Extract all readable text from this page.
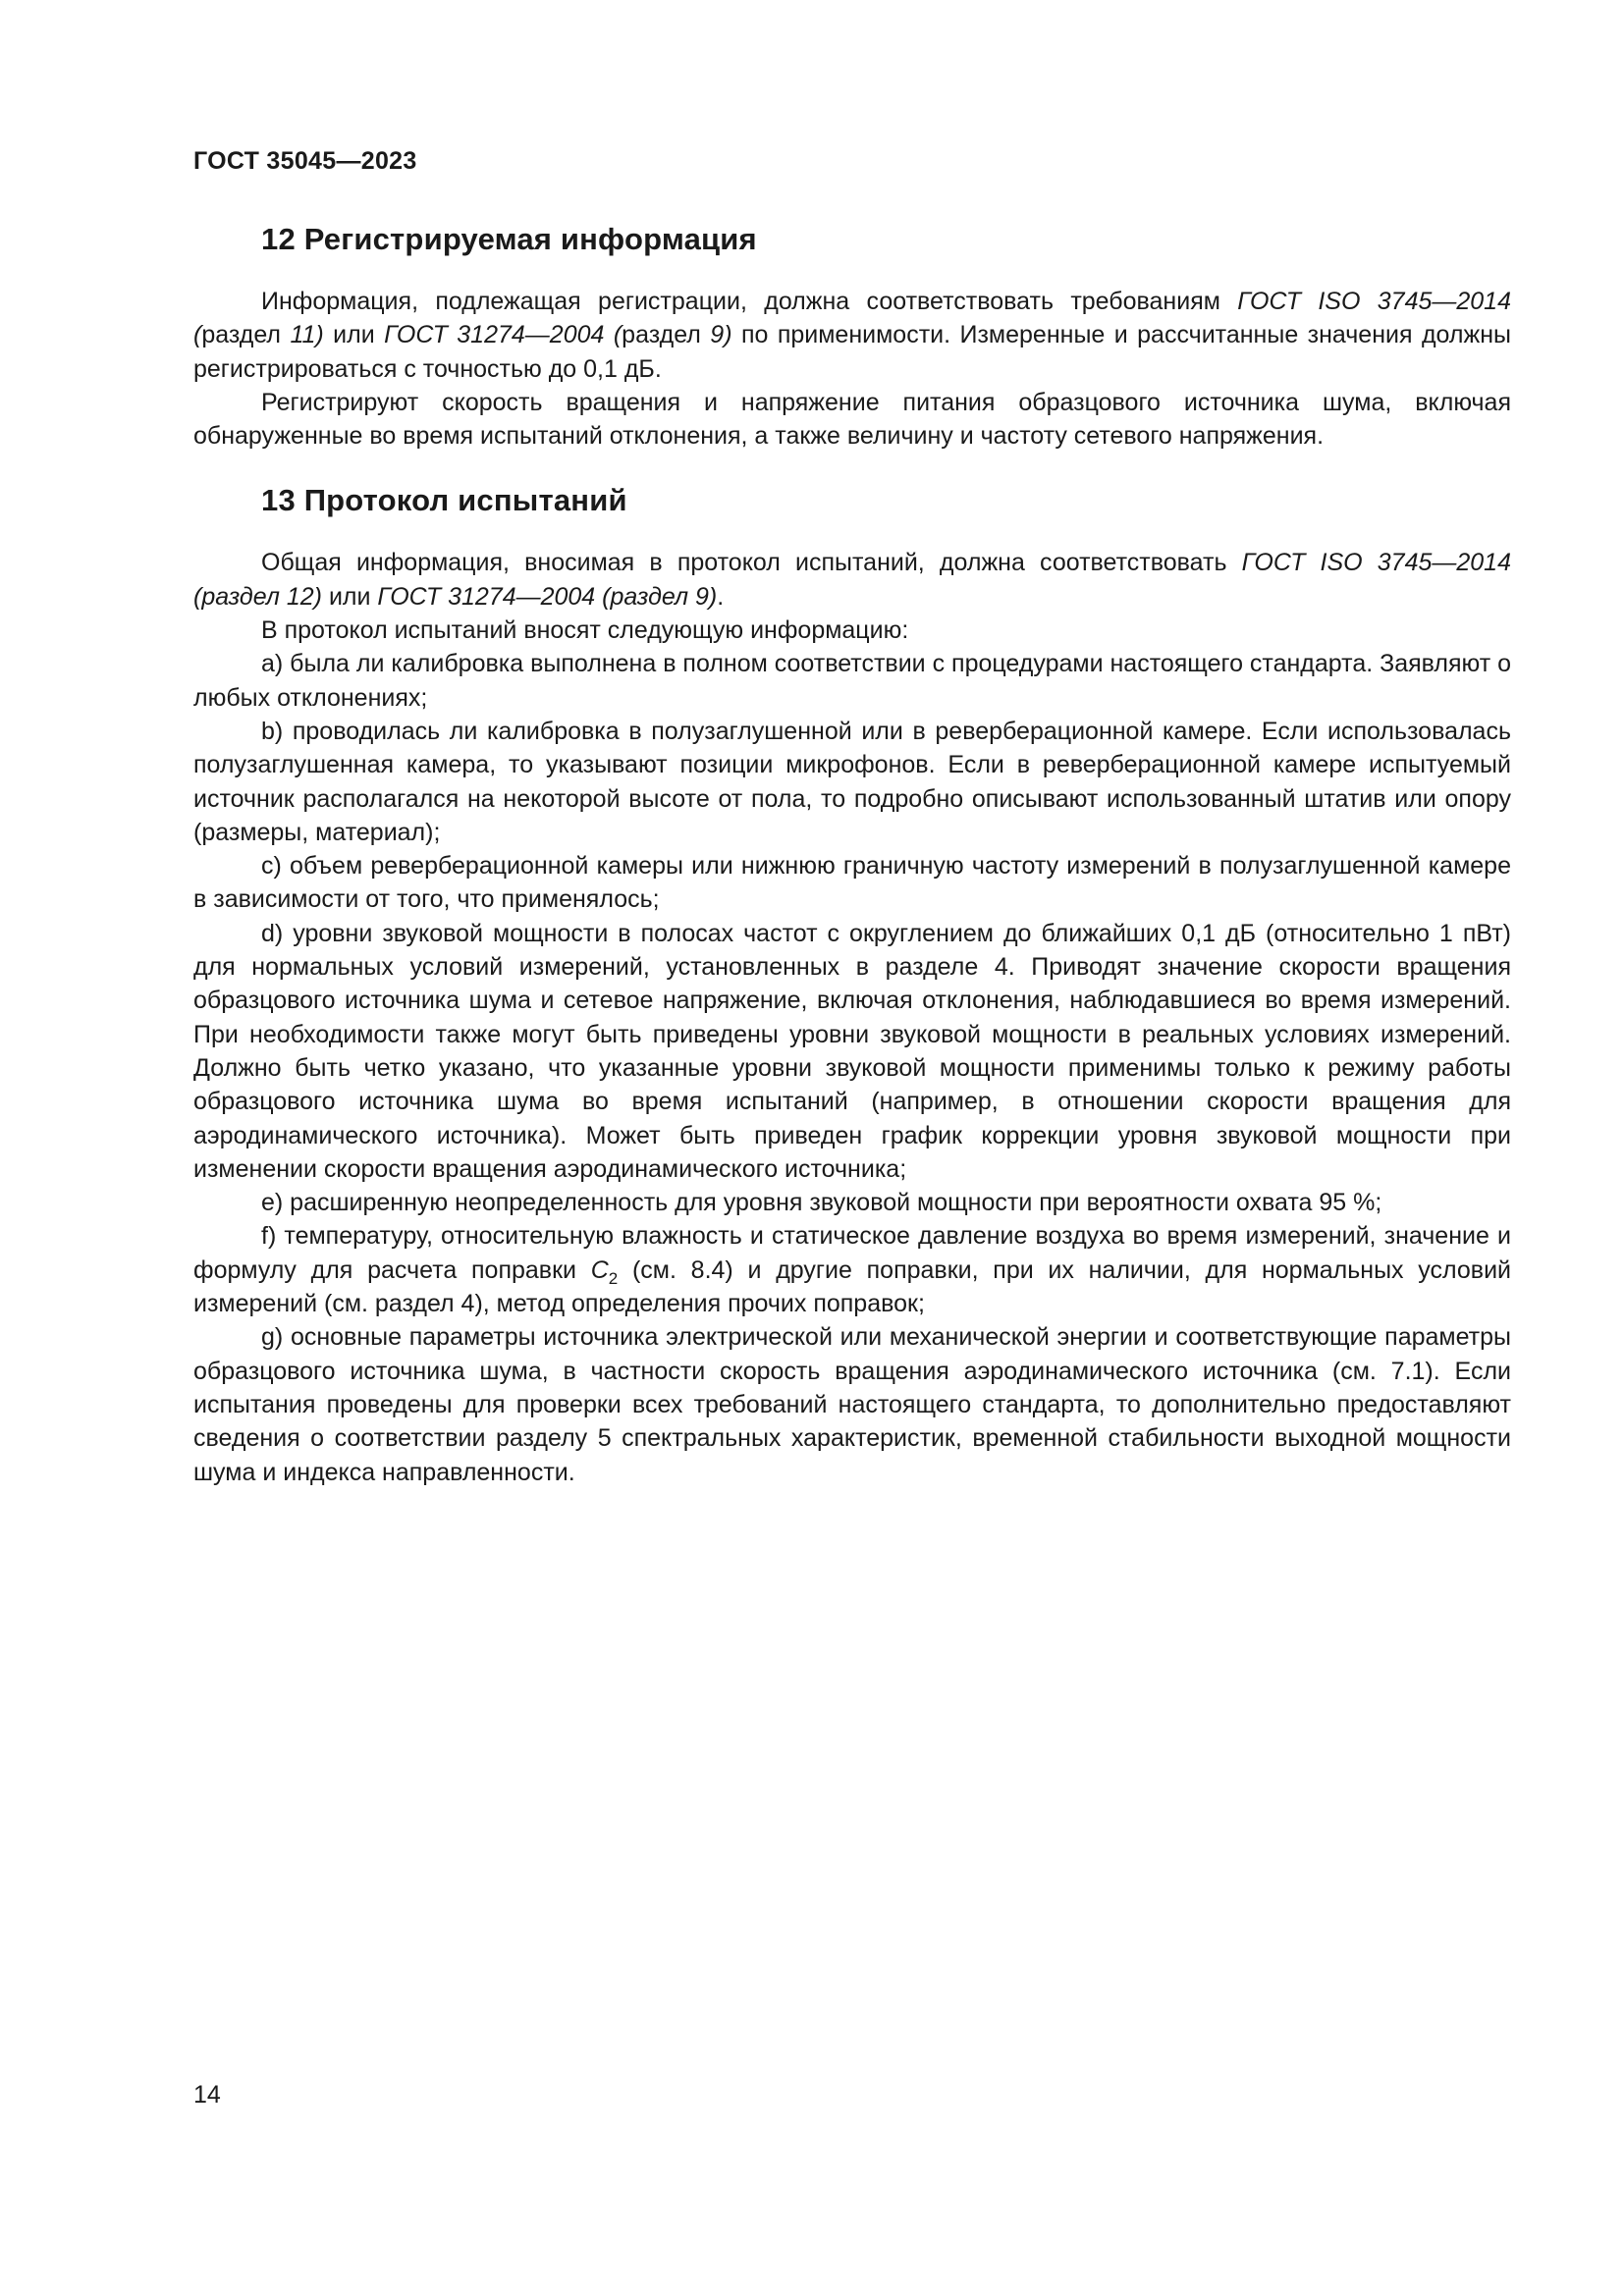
ГОСТ 35045—2023
12 Регистрируемая информация

Информация, подлежащая регистрации, должна соответствовать требованиям ГОСТ ISO 3745—2014 (раздел 11) или ГОСТ 31274—2004 (раздел 9) по применимости. Измеренные и рассчитанные значения должны регистрироваться с точностью до 0,1 дБ.

Регистрируют скорость вращения и напряжение питания образцового источника шума, включая обнаруженные во время испытаний отклонения, а также величину и частоту сетевого напряжения.

13 Протокол испытаний

Общая информация, вносимая в протокол испытаний, должна соответствовать ГОСТ ISO 3745—2014 (раздел 12) или ГОСТ 31274—2004 (раздел 9).

В протокол испытаний вносят следующую информацию:

a) была ли калибровка выполнена в полном соответствии с процедурами настоящего стандарта. Заявляют о любых отклонениях;

b) проводилась ли калибровка в полузаглушенной или в реверберационной камере. Если использовалась полузаглушенная камера, то указывают позиции микрофонов. Если в реверберационной камере испытуемый источник располагался на некоторой высоте от пола, то подробно описывают использованный штатив или опору (размеры, материал);

c) объем реверберационной камеры или нижнюю граничную частоту измерений в полузаглушенной камере в зависимости от того, что применялось;

d) уровни звуковой мощности в полосах частот с округлением до ближайших 0,1 дБ (относительно 1 пВт) для нормальных условий измерений, установленных в разделе 4. Приводят значение скорости вращения образцового источника шума и сетевое напряжение, включая отклонения, наблюдавшиеся во время измерений. При необходимости также могут быть приведены уровни звуковой мощности в реальных условиях измерений. Должно быть четко указано, что указанные уровни звуковой мощности применимы только к режиму работы образцового источника шума во время испытаний (например, в отношении скорости вращения для аэродинамического источника). Может быть приведен график коррекции уровня звуковой мощности при изменении скорости вращения аэродинамического источника;

e) расширенную неопределенность для уровня звуковой мощности при вероятности охвата 95 %;

f) температуру, относительную влажность и статическое давление воздуха во время измерений, значение и формулу для расчета поправки $C_2$ (см. 8.4) и другие поправки, при их наличии, для нормальных условий измерений (см. раздел 4), метод определения прочих поправок;

g) основные параметры источника электрической или механической энергии и соответствующие параметры образцового источника шума, в частности скорость вращения аэродинамического источника (см. 7.1). Если испытания проведены для проверки всех требований настоящего стандарта, то дополнительно предоставляют сведения о соответствии разделу 5 спектральных характеристик, временной стабильности выходной мощности шума и индекса направленности.

14
